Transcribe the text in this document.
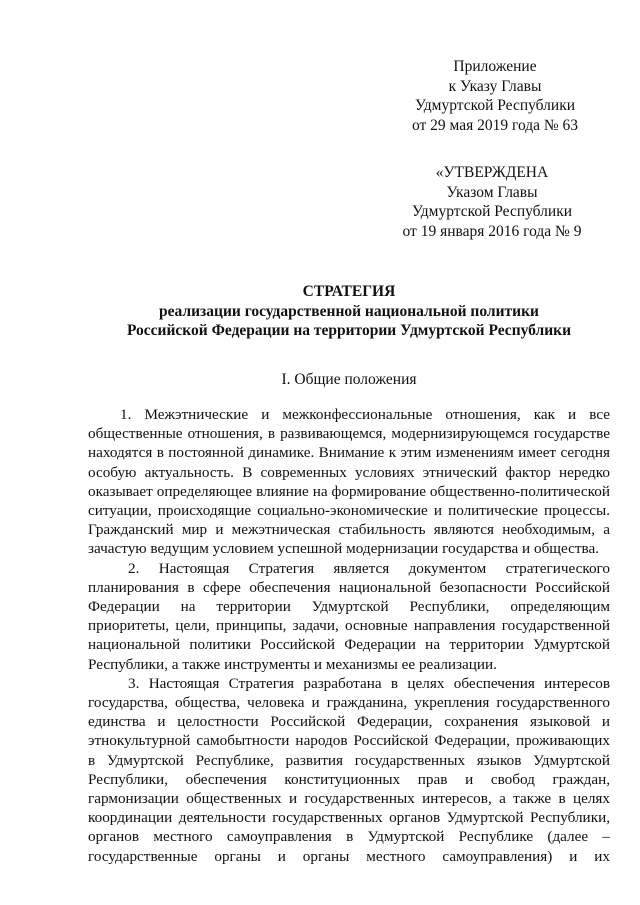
Приложение
к Указу Главы
Удмуртской Республики
от 29 мая 2019 года № 63
«УТВЕРЖДЕНА
Указом Главы
Удмуртской Республики
от 19 января 2016 года № 9
СТРАТЕГИЯ
реализации государственной национальной политики
Российской Федерации на территории Удмуртской Республики
I. Общие положения

1. Межэтнические и межконфессиональные отношения, как и все
общественные отношения, в развивающемся, модернизирующемся государстве
находятся в постоянной динамике. Внимание к этим изменениям имеет сегодня
особую актуальность. В современных условиях этнический фактор нередко
оказывает определяющее влияние на формирование общественно-политической
ситуации, происходящие социально-экономические и политические процессы.
Гражданский мир и межэтническая стабильность являются необходимым, а
зачастую ведущим условием успешной модернизации государства и общества.

2. Настоящая Стратегия является документом стратегического
планирования в сфере обеспечения национальной безопасности Российской
Федерации на территории Удмуртской Республики, определяющим
приоритеты, цели, принципы, задачи, основные направления государственной
национальной политики Российской Федерации на территории Удмуртской
Республики, а также инструменты и механизмы ее реализации.

3. Настоящая Стратегия разработана в целях обеспечения интересов
государства, общества, человека и гражданина, укрепления государственного
единства и целостности Российской Федерации, сохранения языковой и
этнокультурной самобытности народов Российской Федерации, проживающих
в Удмуртской Республике, развития государственных языков Удмуртской
Республики, обеспечения конституционных прав и свобод граждан,
гармонизации общественных и государственных интересов, а также в целях
координации деятельности государственных органов Удмуртской Республики,
органов местного самоуправления в Удмуртской Республике (далее –
государственные органы и органы местного самоуправления) и их
